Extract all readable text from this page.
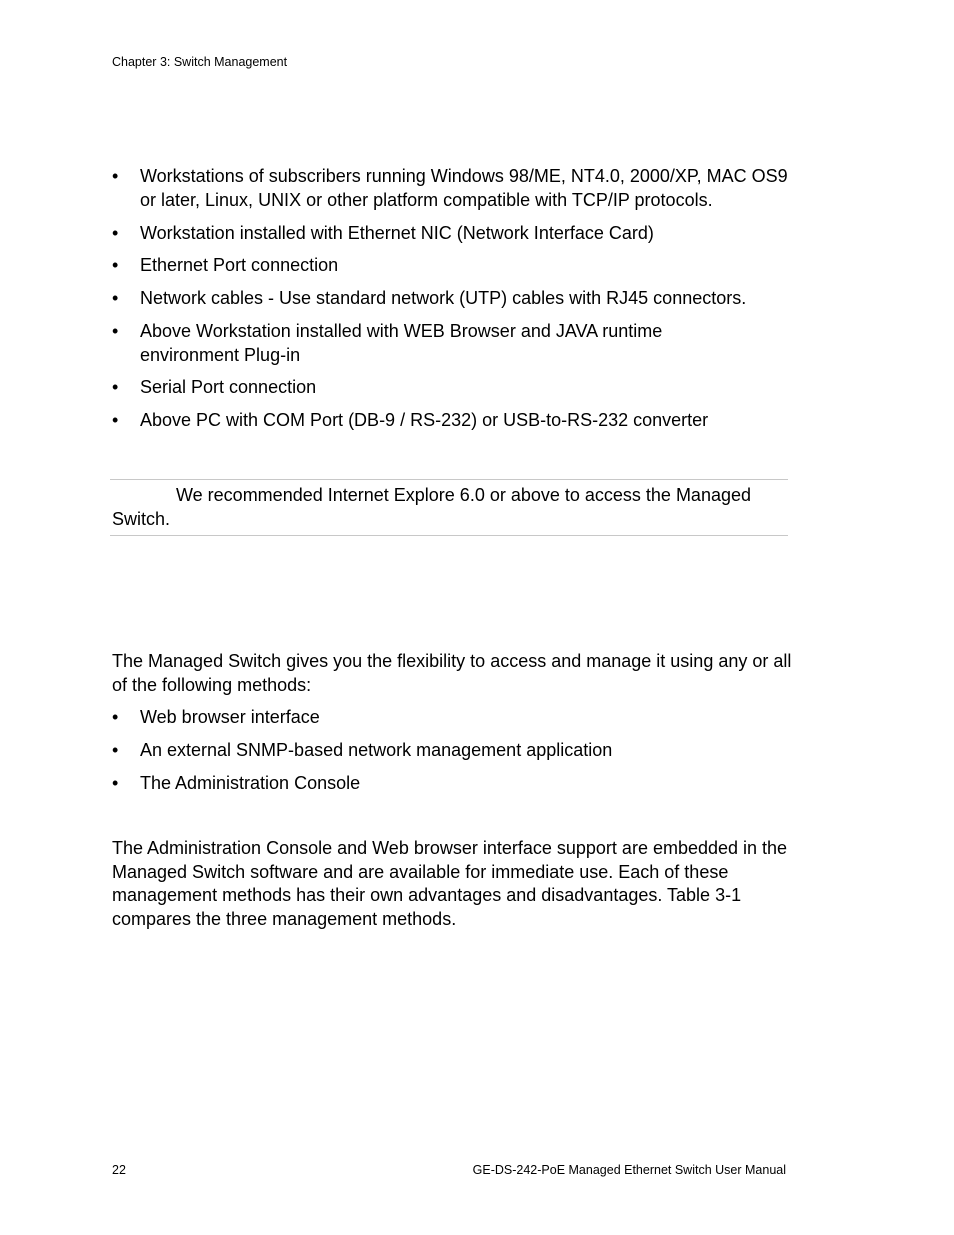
Chapter 3: Switch Management
• Workstations of subscribers running Windows 98/ME, NT4.0, 2000/XP, MAC OS9 or later, Linux, UNIX or other platform compatible with TCP/IP protocols.
• Workstation installed with Ethernet NIC (Network Interface Card)
• Ethernet Port connection
• Network cables - Use standard network (UTP) cables with RJ45 connectors.
• Above Workstation installed with WEB Browser and JAVA runtime environment Plug-in
• Serial Port connection
• Above PC with COM Port (DB-9 / RS-232) or USB-to-RS-232 converter
We recommended Internet Explore 6.0 or above to access the Managed Switch.
The Managed Switch gives you the flexibility to access and manage it using any or all of the following methods:
• Web browser interface
• An external SNMP-based network management application
• The Administration Console
The Administration Console and Web browser interface support are embedded in the Managed Switch software and are available for immediate use. Each of these management methods has their own advantages and disadvantages. Table 3-1 compares the three management methods.
22	GE-DS-242-PoE Managed Ethernet Switch User Manual
